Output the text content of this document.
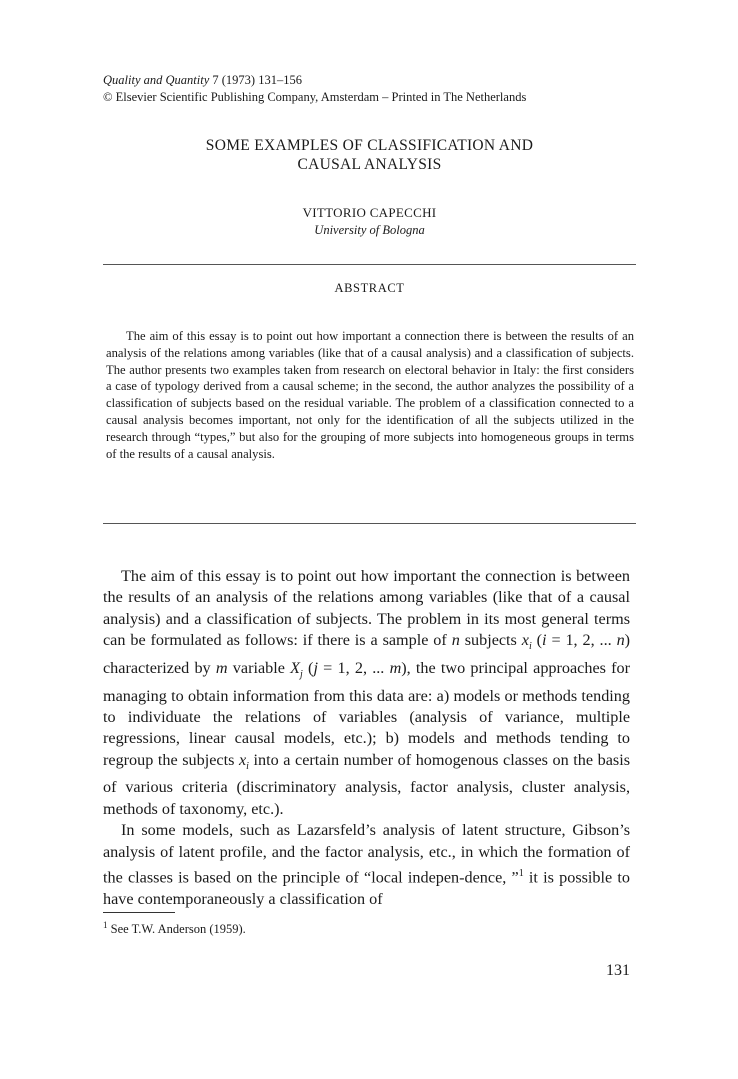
Quality and Quantity 7 (1973) 131–156
© Elsevier Scientific Publishing Company, Amsterdam – Printed in The Netherlands
SOME EXAMPLES OF CLASSIFICATION AND
CAUSAL ANALYSIS
VITTORIO CAPECCHI
University of Bologna
ABSTRACT

The aim of this essay is to point out how important a connection there is between the results of an analysis of the relations among variables (like that of a causal analysis) and a classification of subjects. The author presents two examples taken from research on electoral behavior in Italy: the first considers a case of typology derived from a causal scheme; in the second, the author analyzes the possibility of a classification of subjects based on the residual variable. The problem of a classification connected to a causal analysis becomes important, not only for the identification of all the subjects utilized in the research through “types,” but also for the grouping of more subjects into homogeneous groups in terms of the results of a causal analysis.

The aim of this essay is to point out how important the connection is between the results of an analysis of the relations among variables (like that of a causal analysis) and a classification of subjects. The problem in its most general terms can be formulated as follows: if there is a sample of n subjects $x_i$ (i = 1, 2, ... n) characterized by m variable $X_j$ (j = 1, 2, ... m), the two principal approaches for managing to obtain information from this data are: a) models or methods tending to individuate the relations of variables (analysis of variance, multiple regressions, linear causal models, etc.); b) models and methods tending to regroup the subjects $x_i$ into a certain number of homogenous classes on the basis of various criteria (discriminatory analysis, factor analysis, cluster analysis, methods of taxonomy, etc.).

In some models, such as Lazarsfeld’s analysis of latent structure, Gibson’s analysis of latent profile, and the factor analysis, etc., in which the formation of the classes is based on the principle of “local indepen-dence, ”$^1$ it is possible to have contemporaneously a classification of

$^1$ See T.W. Anderson (1959).
131
